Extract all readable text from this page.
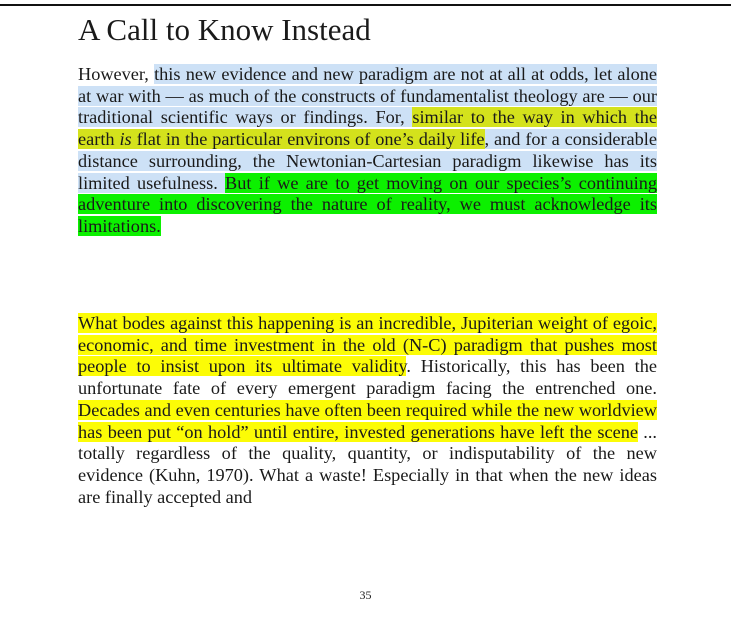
A Call to Know Instead

However, this new evidence and new paradigm are not at all at odds, let alone at war with — as much of the constructs of fundamentalist theology are — our traditional scientific ways or findings. For, similar to the way in which the earth is flat in the particular environs of one’s daily life, and for a considerable distance surrounding, the Newtonian-Cartesian paradigm likewise has its limited usefulness. But if we are to get moving on our species’s continuing adventure into discovering the nature of reality, we must acknowledge its limitations.

What bodes against this happening is an incredible, Jupiterian weight of egoic, economic, and time investment in the old (N-C) paradigm that pushes most people to insist upon its ultimate validity. Historically, this has been the unfortunate fate of every emergent paradigm facing the entrenched one. Decades and even centuries have often been required while the new worldview has been put “on hold” until entire, invested generations have left the scene ... totally regardless of the quality, quantity, or indisputability of the new evidence (Kuhn, 1970). What a waste! Especially in that when the new ideas are finally accepted and

35
